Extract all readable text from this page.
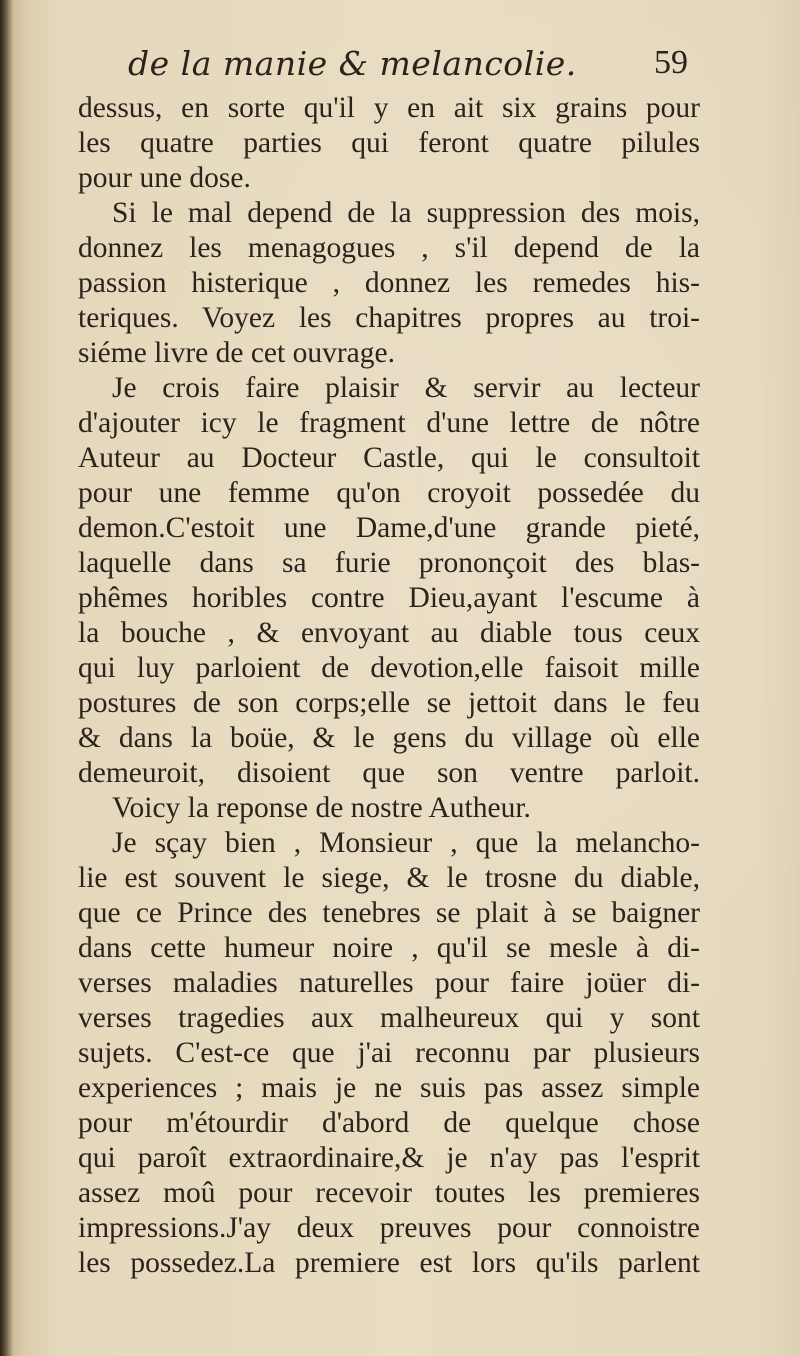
de la manie & melancolie. 59
dessus, en sorte qu'il y en ait six grains pour
les quatre parties qui feront quatre pilules
pour une dose.
Si le mal depend de la suppression des mois,
donnez les menagogues , s'il depend de la
passion histerique , donnez les remedes his-
teriques. Voyez les chapitres propres au troi-
siéme livre de cet ouvrage.
Je crois faire plaisir & servir au lecteur
d'ajouter icy le fragment d'une lettre de nôtre
Auteur au Docteur Castle, qui le consultoit
pour une femme qu'on croyoit possedée du
demon.C'estoit une Dame,d'une grande pieté,
laquelle dans sa furie prononçoit des blas-
phêmes horibles contre Dieu,ayant l'escume à
la bouche , & envoyant au diable tous ceux
qui luy parloient de devotion,elle faisoit mille
postures de son corps;elle se jettoit dans le feu
& dans la boüe, & le gens du village où elle
demeuroit, disoient que son ventre parloit.
Voicy la reponse de nostre Autheur.
Je sçay bien , Monsieur , que la melancho-
lie est souvent le siege, & le trosne du diable,
que ce Prince des tenebres se plait à se baigner
dans cette humeur noire , qu'il se mesle à di-
verses maladies naturelles pour faire joüer di-
verses tragedies aux malheureux qui y sont
sujets. C'est-ce que j'ai reconnu par plusieurs
experiences ; mais je ne suis pas assez simple
pour m'étourdir d'abord de quelque chose
qui paroît extraordinaire,& je n'ay pas l'esprit
assez moû pour recevoir toutes les premieres
impressions.J'ay deux preuves pour connoistre
les possedez.La premiere est lors qu'ils parlent
